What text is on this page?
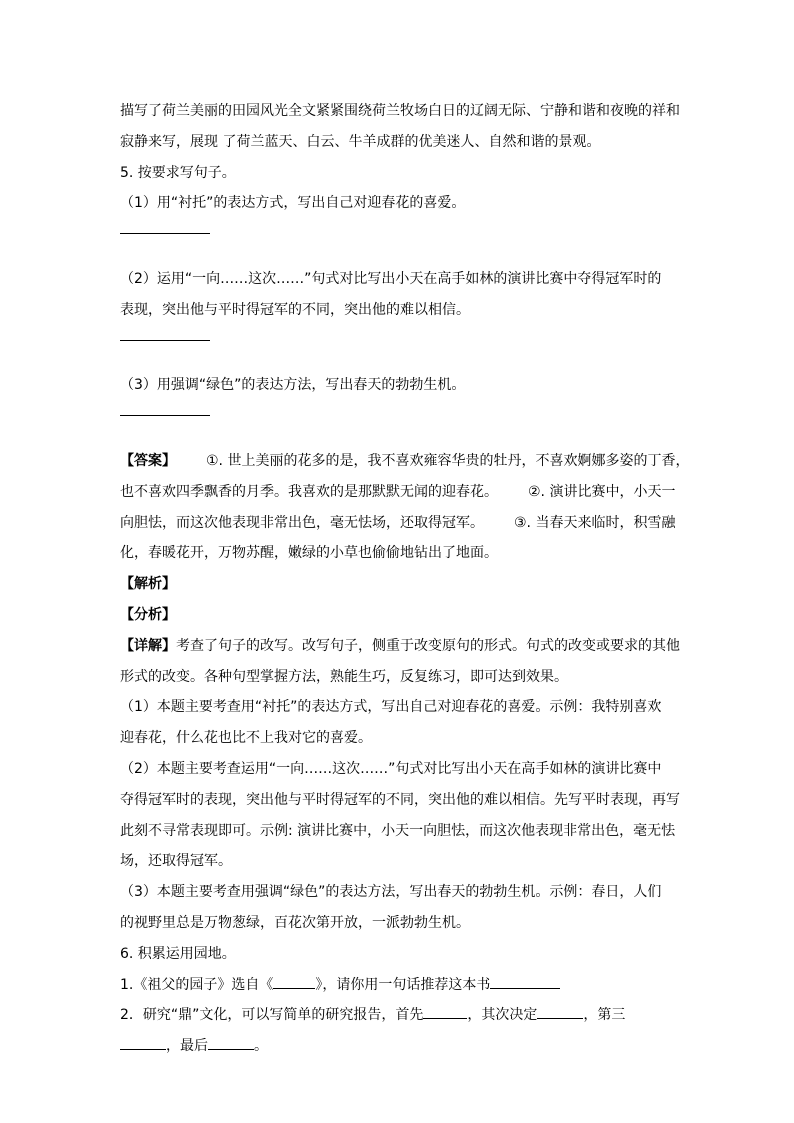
描写了荷兰美丽的田园风光全文紧紧围绕荷兰牧场白日的辽阔无际、宁静和谐和夜晚的祥和
寂静来写，展现 了荷兰蓝天、白云、牛羊成群的优美迷人、自然和谐的景观。
5. 按要求写句子。
（1）用“衬托”的表达方式，写出自己对迎春花的喜爱。
（2）运用“一向……这次……”句式对比写出小天在高手如林的演讲比赛中夺得冠军时的
表现，突出他与平时得冠军的不同，突出他的难以相信。
（3）用强调“绿色”的表达方法，写出春天的勃勃生机。
【答案】 ①. 世上美丽的花多的是，我不喜欢雍容华贵的牡丹，不喜欢婀娜多姿的丁香，
也不喜欢四季飘香的月季。我喜欢的是那默默无闻的迎春花。 ②. 演讲比赛中，小天一
向胆怯，而这次他表现非常出色，毫无怯场，还取得冠军。 ③. 当春天来临时，积雪融
化，春暖花开，万物苏醒，嫩绿的小草也偷偷地钻出了地面。
【解析】
【分析】
【详解】考查了句子的改写。改写句子，侧重于改变原句的形式。句式的改变或要求的其他
形式的改变。各种句型掌握方法，熟能生巧，反复练习，即可达到效果。
（1）本题主要考查用“衬托”的表达方式，写出自己对迎春花的喜爱。示例：我特别喜欢
迎春花，什么花也比不上我对它的喜爱。
（2）本题主要考查运用“一向……这次……”句式对比写出小天在高手如林的演讲比赛中
夺得冠军时的表现，突出他与平时得冠军的不同，突出他的难以相信。先写平时表现，再写
此刻不寻常表现即可。示例: 演讲比赛中，小天一向胆怯，而这次他表现非常出色，毫无怯
场，还取得冠军。
（3）本题主要考查用强调“绿色”的表达方法，写出春天的勃勃生机。示例：春日，人们
的视野里总是万物葱绿，百花次第开放，一派勃勃生机。
6. 积累运用园地。
1.《祖父的园子》选自《	》，请你用一句话推荐这本书
2．研究“鼎”文化，可以写简单的研究报告，首先	，其次决定	，第三
，最后	。
